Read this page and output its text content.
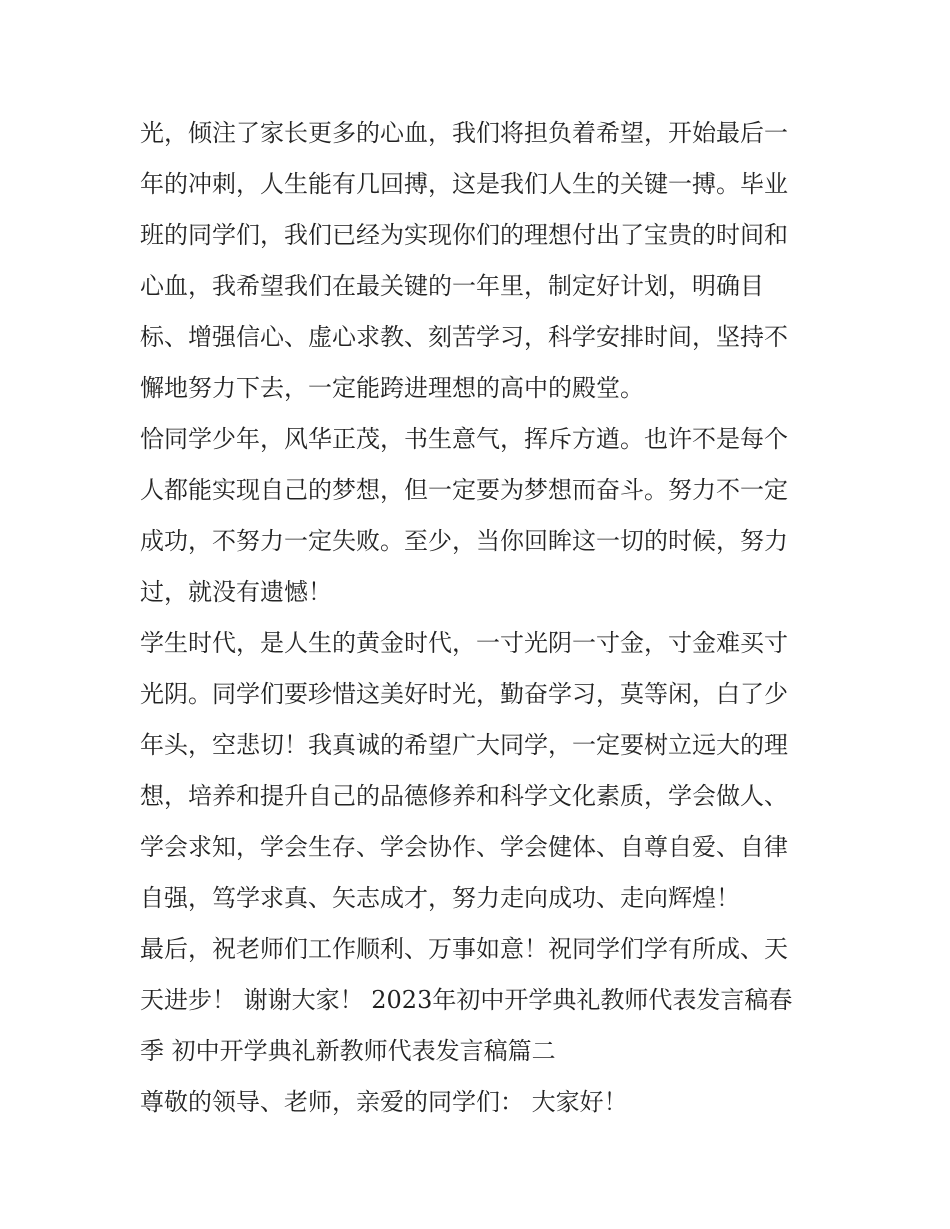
光，倾注了家长更多的心血，我们将担负着希望，开始最后一
年的冲刺，人生能有几回搏，这是我们人生的关键一搏。毕业
班的同学们，我们已经为实现你们的理想付出了宝贵的时间和
心血，我希望我们在最关键的一年里，制定好计划，明确目
标、增强信心、虚心求教、刻苦学习，科学安排时间，坚持不
懈地努力下去，一定能跨进理想的高中的殿堂。
恰同学少年，风华正茂，书生意气，挥斥方遒。也许不是每个
人都能实现自己的梦想，但一定要为梦想而奋斗。努力不一定
成功，不努力一定失败。至少，当你回眸这一切的时候，努力
过，就没有遗憾！
学生时代，是人生的黄金时代，一寸光阴一寸金，寸金难买寸
光阴。同学们要珍惜这美好时光，勤奋学习，莫等闲，白了少
年头，空悲切！我真诚的希望广大同学，一定要树立远大的理
想，培养和提升自己的品德修养和科学文化素质，学会做人、
学会求知，学会生存、学会协作、学会健体、自尊自爱、自律
自强，笃学求真、矢志成才，努力走向成功、走向辉煌！
最后，祝老师们工作顺利、万事如意！祝同学们学有所成、天
天进步！ 谢谢大家！ 2023年初中开学典礼教师代表发言稿春
季 初中开学典礼新教师代表发言稿篇二
尊敬的领导、老师，亲爱的同学们： 大家好！
